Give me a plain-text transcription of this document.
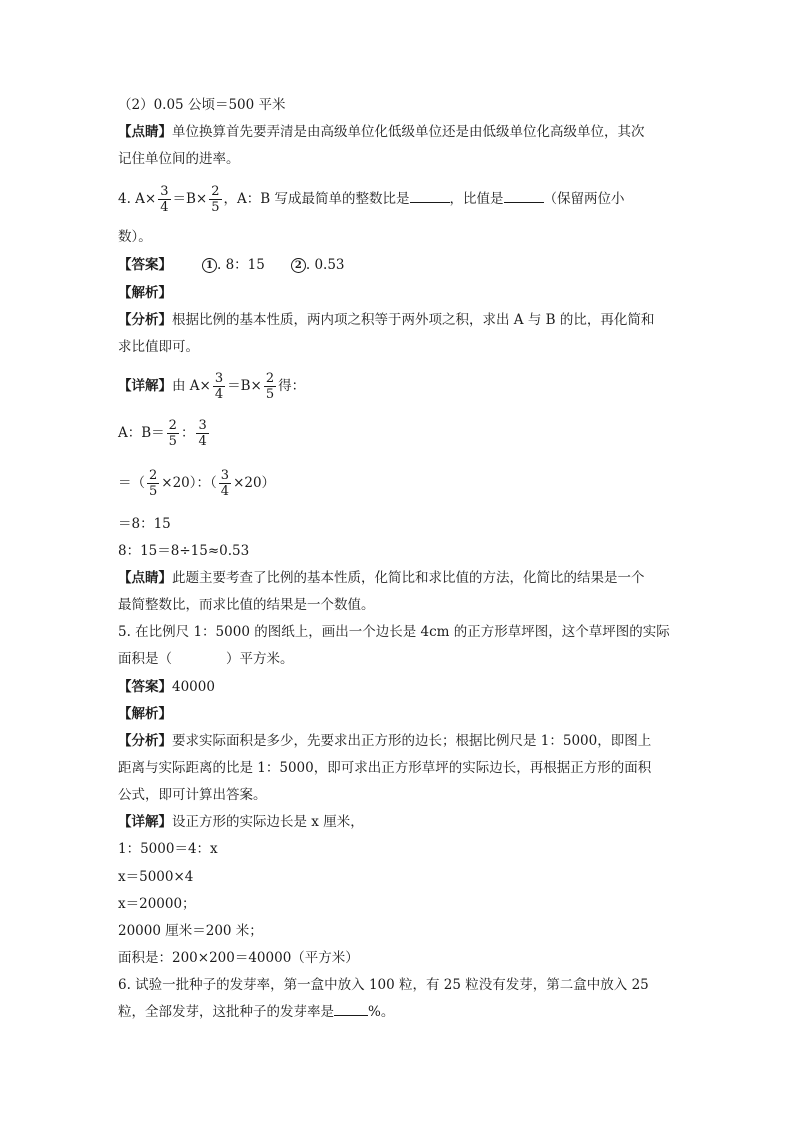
（2）0.05 公顷＝500 平米
【点睛】单位换算首先要弄清是由高级单位化低级单位还是由低级单位化高级单位，其次
记住单位间的进率。
4. $A\times \frac{3}{4} =B\times \frac{2}{5}$ ，A：B 写成最简单的整数比是	，比值是	（保留两位小
数）。
【答案】	1 . 8：15	2 . 0.53
【解析】
【分析】根据比例的基本性质，两内项之积等于两外项之积，求出 A 与 B 的比，再化简和
求比值即可。
【详解】由 $A\times \frac{3}{4} =B\times \frac{2}{5}$ 得：
A：$B= \frac{2}{5}$ ： $\frac{3}{4}$
＝（ $\frac{2}{5} \times 20$）：（ $\frac{3}{4} \times 20$）
＝8：15
8：15＝8÷15≈0.53
【点睛】此题主要考查了比例的基本性质，化简比和求比值的方法，化简比的结果是一个
最简整数比，而求比值的结果是一个数值。
5. 在比例尺 1：5000 的图纸上，画出一个边长是 4cm 的正方形草坪图，这个草坪图的实际
面积是（　　　　）平方米。
【答案】40000
【解析】
【分析】要求实际面积是多少，先要求出正方形的边长；根据比例尺是 1：5000，即图上
距离与实际距离的比是 1：5000，即可求出正方形草坪的实际边长，再根据正方形的面积
公式，即可计算出答案。
【详解】设正方形的实际边长是 x 厘米，
1：5000＝4：x
x＝5000×4
x＝20000；
20000 厘米＝200 米；
面积是：200×200＝40000（平方米）
6. 试验一批种子的发芽率，第一盒中放入 100 粒，有 25 粒没有发芽，第二盒中放入 25
粒，全部发芽，这批种子的发芽率是	%。
